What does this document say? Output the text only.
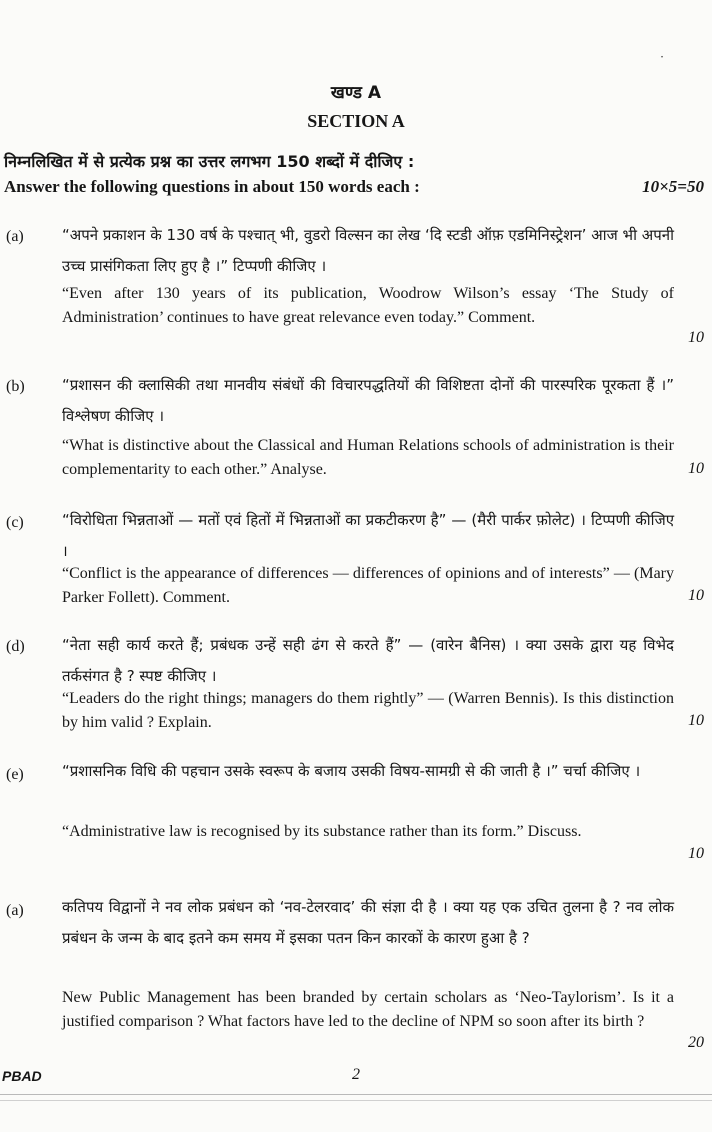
·
खण्ड A
SECTION A
निम्नलिखित में से प्रत्येक प्रश्न का उत्तर लगभग 150 शब्दों में दीजिए :
Answer the following questions in about 150 words each :	10×5=50
(a)	“अपने प्रकाशन के 130 वर्ष के पश्चात् भी, वुडरो विल्सन का लेख ‘दि स्टडी ऑफ़ एडमिनिस्ट्रेशन’ आज भी अपनी उच्च प्रासंगिकता लिए हुए है ।” टिप्पणी कीजिए ।
“Even after 130 years of its publication, Woodrow Wilson’s essay ‘The Study of Administration’ continues to have great relevance even today.” Comment.
10
(b) “प्रशासन की क्लासिकी तथा मानवीय संबंधों की विचारपद्धतियों की विशिष्टता दोनों की पारस्परिक पूरकता हैं ।” विश्लेषण कीजिए ।
“What is distinctive about the Classical and Human Relations schools of administration is their complementarity to each other.” Analyse.	10
(c)	“विरोधिता भिन्नताओं — मतों एवं हितों में भिन्नताओं का प्रकटीकरण है” — (मैरी पार्कर फ़ोलेट) । टिप्पणी कीजिए ।
“Conflict is the appearance of differences — differences of opinions and of interests” — (Mary Parker Follett). Comment.	10
(d) “नेता सही कार्य करते हैं; प्रबंधक उन्हें सही ढंग से करते हैं” — (वारेन बैनिस) । क्या उसके द्वारा यह विभेद तर्कसंगत है ? स्पष्ट कीजिए ।
“Leaders do the right things; managers do them rightly” — (Warren Bennis). Is this distinction by him valid ? Explain.	10
(e)	“प्रशासनिक विधि की पहचान उसके स्वरूप के बजाय उसकी विषय-सामग्री से की जाती है ।” चर्चा कीजिए ।
“Administrative law is recognised by its substance rather than its form.” Discuss.
10
(a)	कतिपय विद्वानों ने नव लोक प्रबंधन को ‘नव-टेलरवाद’ की संज्ञा दी है । क्या यह एक उचित तुलना है ? नव लोक प्रबंधन के जन्म के बाद इतने कम समय में इसका पतन किन कारकों के कारण हुआ है ?
New Public Management has been branded by certain scholars as ‘Neo-Taylorism’. Is it a justified comparison ? What factors have led to the decline of NPM so soon after its birth ?
20
PBAD	2
